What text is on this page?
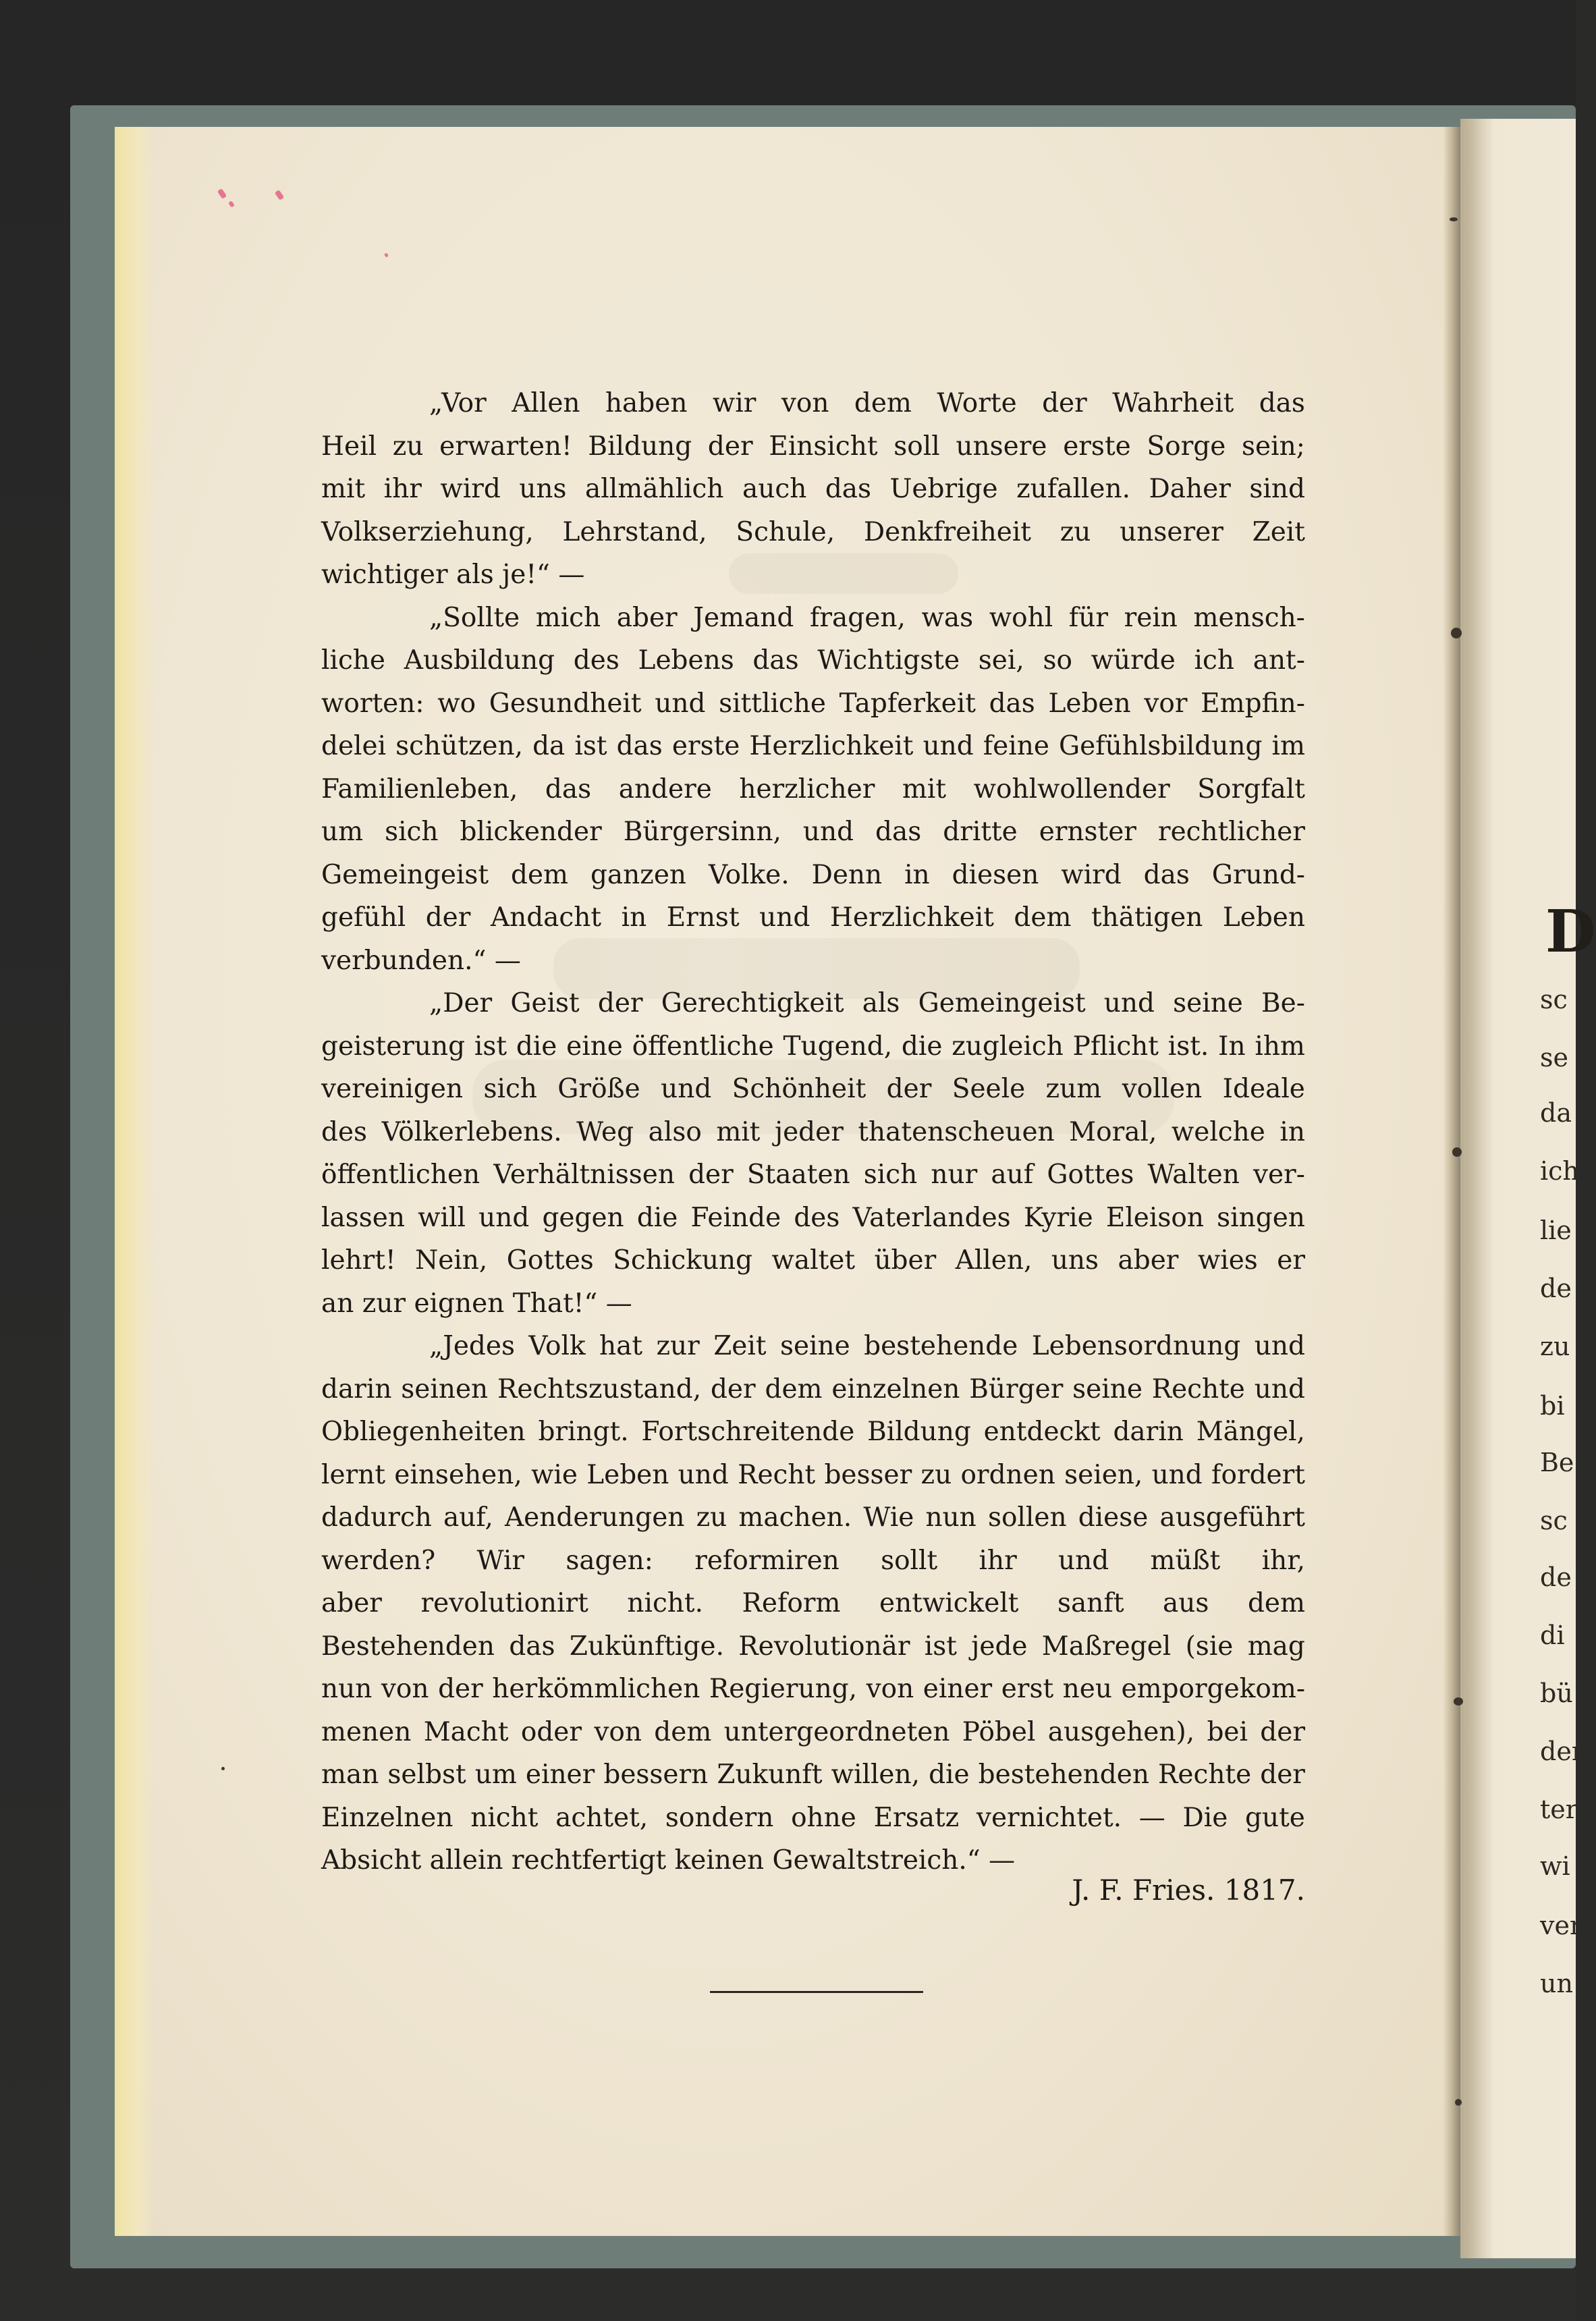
„Vor Allen haben wir von dem Worte der Wahrheit das
Heil zu erwarten! Bildung der Einsicht soll unsere erste Sorge sein;
mit ihr wird uns allmählich auch das Uebrige zufallen. Daher sind
Volkserziehung, Lehrstand, Schule, Denkfreiheit zu unserer Zeit
wichtiger als je!“ —
„Sollte mich aber Jemand fragen, was wohl für rein mensch-
liche Ausbildung des Lebens das Wichtigste sei, so würde ich ant-
worten: wo Gesundheit und sittliche Tapferkeit das Leben vor Empfin-
delei schützen, da ist das erste Herzlichkeit und feine Gefühlsbildung im
Familienleben, das andere herzlicher mit wohlwollender Sorgfalt
um sich blickender Bürgersinn, und das dritte ernster rechtlicher
Gemeingeist dem ganzen Volke. Denn in diesen wird das Grund-
gefühl der Andacht in Ernst und Herzlichkeit dem thätigen Leben
verbunden.“ —
„Der Geist der Gerechtigkeit als Gemeingeist und seine Be-
geisterung ist die eine öffentliche Tugend, die zugleich Pflicht ist. In ihm
vereinigen sich Größe und Schönheit der Seele zum vollen Ideale
des Völkerlebens. Weg also mit jeder thatenscheuen Moral, welche in
öffentlichen Verhältnissen der Staaten sich nur auf Gottes Walten ver-
lassen will und gegen die Feinde des Vaterlandes Kyrie Eleison singen
lehrt! Nein, Gottes Schickung waltet über Allen, uns aber wies er
an zur eignen That!“ —
„Jedes Volk hat zur Zeit seine bestehende Lebensordnung und
darin seinen Rechtszustand, der dem einzelnen Bürger seine Rechte und
Obliegenheiten bringt. Fortschreitende Bildung entdeckt darin Mängel,
lernt einsehen, wie Leben und Recht besser zu ordnen seien, und fordert
dadurch auf, Aenderungen zu machen. Wie nun sollen diese ausgeführt
werden? Wir sagen: reformiren sollt ihr und müßt ihr,
aber revolutionirt nicht. Reform entwickelt sanft aus dem
Bestehenden das Zukünftige. Revolutionär ist jede Maßregel (sie mag
nun von der herkömmlichen Regierung, von einer erst neu emporgekom-
menen Macht oder von dem untergeordneten Pöbel ausgehen), bei der
man selbst um einer bessern Zukunft willen, die bestehenden Rechte der
Einzelnen nicht achtet, sondern ohne Ersatz vernichtet. — Die gute
Absicht allein rechtfertigt keinen Gewaltstreich.“ —
J. F. Fries. 1817.
D
sc
se
da
ich
lie
de
zu
bi
Be
sc
de
di
bü
der
ter
wi
ver
un
